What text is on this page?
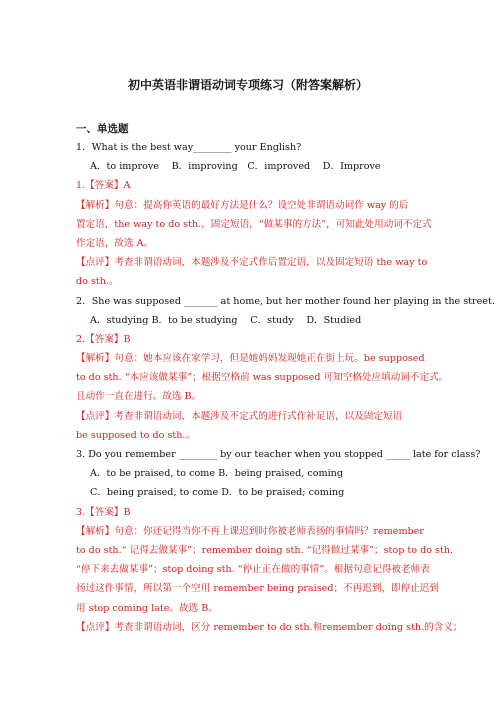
初中英语非谓语动词专项练习（附答案解析）
一、单选题
1．What is the best way________ your English?
A．to improve　 B．improving　C．improved　 D．Improve
1.【答案】A
【解析】句意：提高你英语的最好方法是什么？设空处非谓语动词作 way 的后
置定语，the way to do sth.，固定短语，“做某事的方法”，可知此处用动词不定式
作定语，故选 A。
【点评】考查非谓语动词，本题涉及不定式作后置定语，以及固定短语 the way to
do sth.。
2．She was supposed _______ at home, but her mother found her playing in the street.
A．studying B．to be studying　 C．study　 D．Studied
2.【答案】B
【解析】句意：她本应该在家学习，但是她妈妈发现她正在街上玩。be supposed
to do sth. “本应该做某事”；根据空格前 was supposed 可知空格处应填动词不定式。
且动作一直在进行。故选 B。
【点评】考查非谓语动词，本题涉及不定式的进行式作补足语，以及固定短语
be supposed to do sth.。
3. Do you remember ________ by our teacher when you stopped _____ late for class?
A．to be praised, to come B．being praised, coming
C．being praised, to come D．to be praised; coming
3.【答案】B
【解析】句意：你还记得当你不再上课迟到时你被老师表扬的事情吗？remember
to do sth.“ 记得去做某事”；remember doing sth. “记得做过某事”；stop to do sth.
“停下来去做某事”；stop doing sth. “停止正在做的事情”。根据句意记得被老师表
扬过这件事情，所以第一个空用 remember being praised；不再迟到，即停止迟到
用 stop coming late。故选 B。
【点评】考查非谓语动词，区分 remember to do sth.和remember doing sth.的含义；
